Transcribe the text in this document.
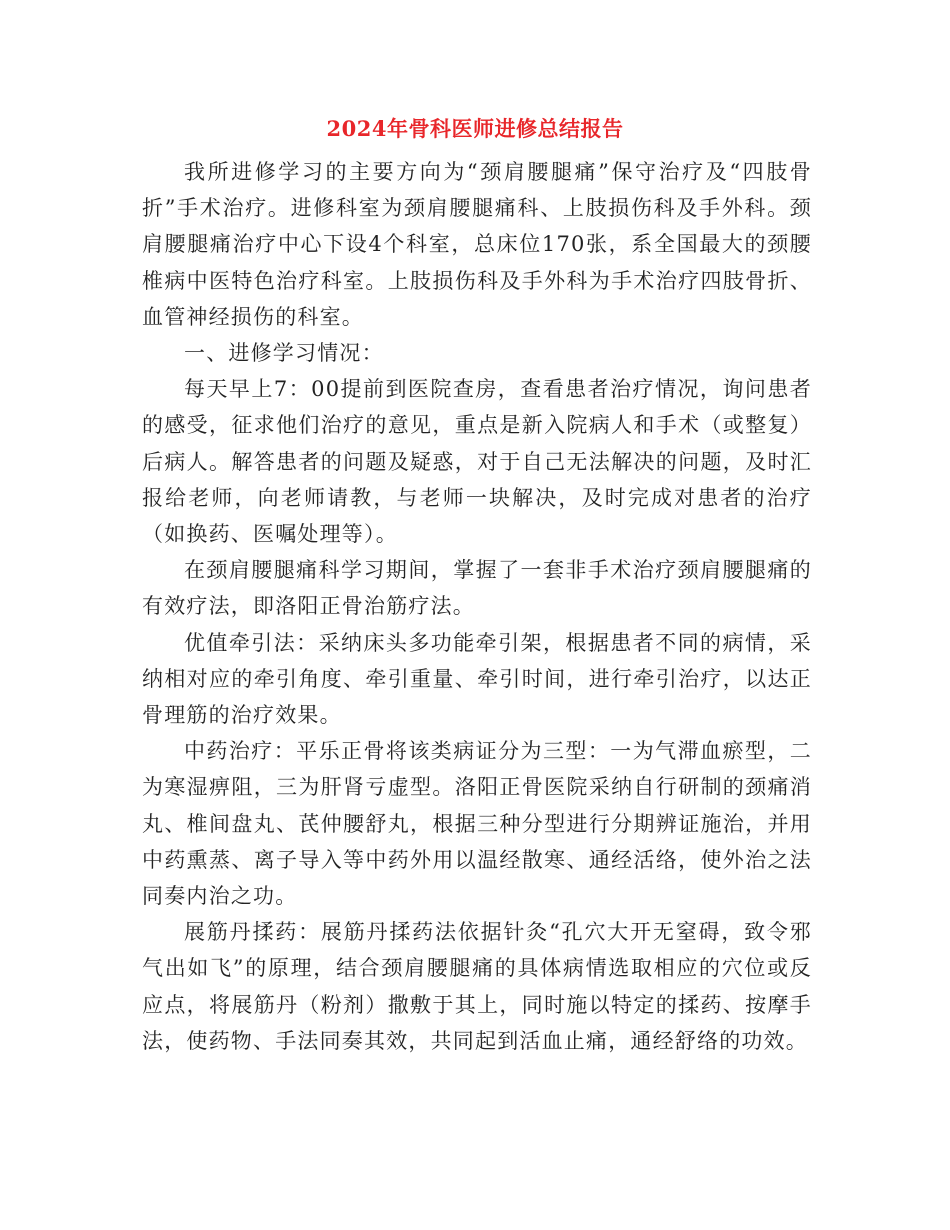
2024年骨科医师进修总结报告

我所进修学习的主要方向为“颈肩腰腿痛”保守治疗及“四肢骨折”手术治疗。进修科室为颈肩腰腿痛科、上肢损伤科及手外科。颈肩腰腿痛治疗中心下设4个科室，总床位170张，系全国最大的颈腰椎病中医特色治疗科室。上肢损伤科及手外科为手术治疗四肢骨折、血管神经损伤的科室。

一、进修学习情况：

每天早上7：00提前到医院查房，查看患者治疗情况，询问患者的感受，征求他们治疗的意见，重点是新入院病人和手术（或整复）后病人。解答患者的问题及疑惑，对于自己无法解决的问题，及时汇报给老师，向老师请教，与老师一块解决，及时完成对患者的治疗（如换药、医嘱处理等）。

在颈肩腰腿痛科学习期间，掌握了一套非手术治疗颈肩腰腿痛的有效疗法，即洛阳正骨治筋疗法。

优值牵引法：采纳床头多功能牵引架，根据患者不同的病情，采纳相对应的牵引角度、牵引重量、牵引时间，进行牵引治疗，以达正骨理筋的治疗效果。

中药治疗：平乐正骨将该类病证分为三型：一为气滞血瘀型，二为寒湿痹阻，三为肝肾亏虚型。洛阳正骨医院采纳自行研制的颈痛消丸、椎间盘丸、芪仲腰舒丸，根据三种分型进行分期辨证施治，并用中药熏蒸、离子导入等中药外用以温经散寒、通经活络，使外治之法同奏内治之功。

展筋丹揉药：展筋丹揉药法依据针灸“孔穴大开无窒碍，致令邪气出如飞”的原理，结合颈肩腰腿痛的具体病情选取相应的穴位或反应点，将展筋丹（粉剂）撒敷于其上，同时施以特定的揉药、按摩手法，使药物、手法同奏其效，共同起到活血止痛，通经舒络的功效。
